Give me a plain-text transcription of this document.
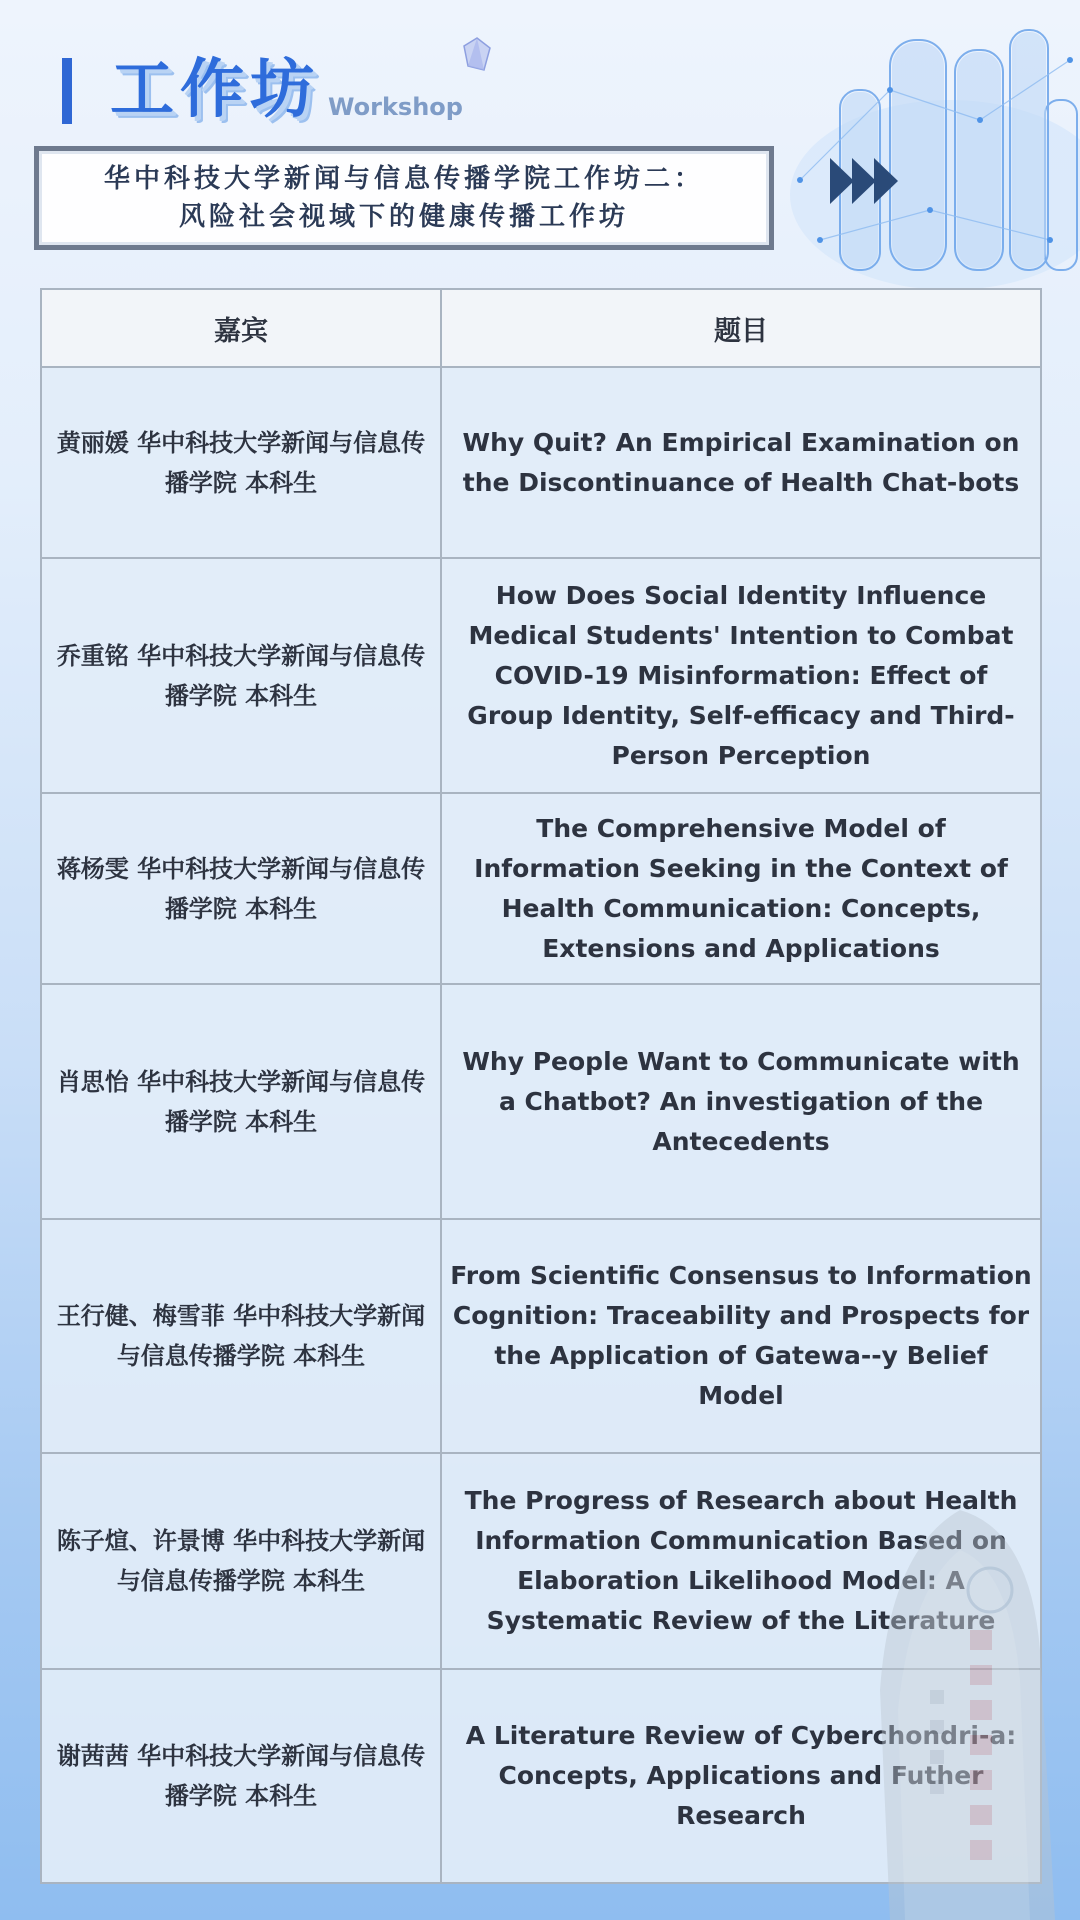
工作坊 Workshop
华中科技大学新闻与信息传播学院工作坊二：
风险社会视域下的健康传播工作坊
嘉宾	题目
黄丽媛 华中科技大学新闻与信息传播学院 本科生	Why Quit? An Empirical Examination on the Discontinuance of Health Chat-bots
乔重铭 华中科技大学新闻与信息传播学院 本科生	How Does Social Identity Influence Medical Students' Intention to Combat COVID-19 Misinformation: Effect of Group Identity, Self-efficacy and Third-Person Perception
蒋杨雯 华中科技大学新闻与信息传播学院 本科生	The Comprehensive Model of Information Seeking in the Context of Health Communication: Concepts, Extensions and Applications
肖思怡 华中科技大学新闻与信息传播学院 本科生	Why People Want to Communicate with a Chatbot? An investigation of the Antecedents
王行健、梅雪菲 华中科技大学新闻与信息传播学院 本科生	From Scientific Consensus to Information Cognition: Traceability and Prospects for the Application of Gatewa--y Belief Model
陈子煊、许景博 华中科技大学新闻与信息传播学院 本科生	The Progress of Research about Health Information Communication Based on Elaboration Likelihood Model: A Systematic Review of the Literature
谢茜茜 华中科技大学新闻与信息传播学院 本科生	A Literature Review of Cyberchondri-a: Concepts, Applications and Futher Research
